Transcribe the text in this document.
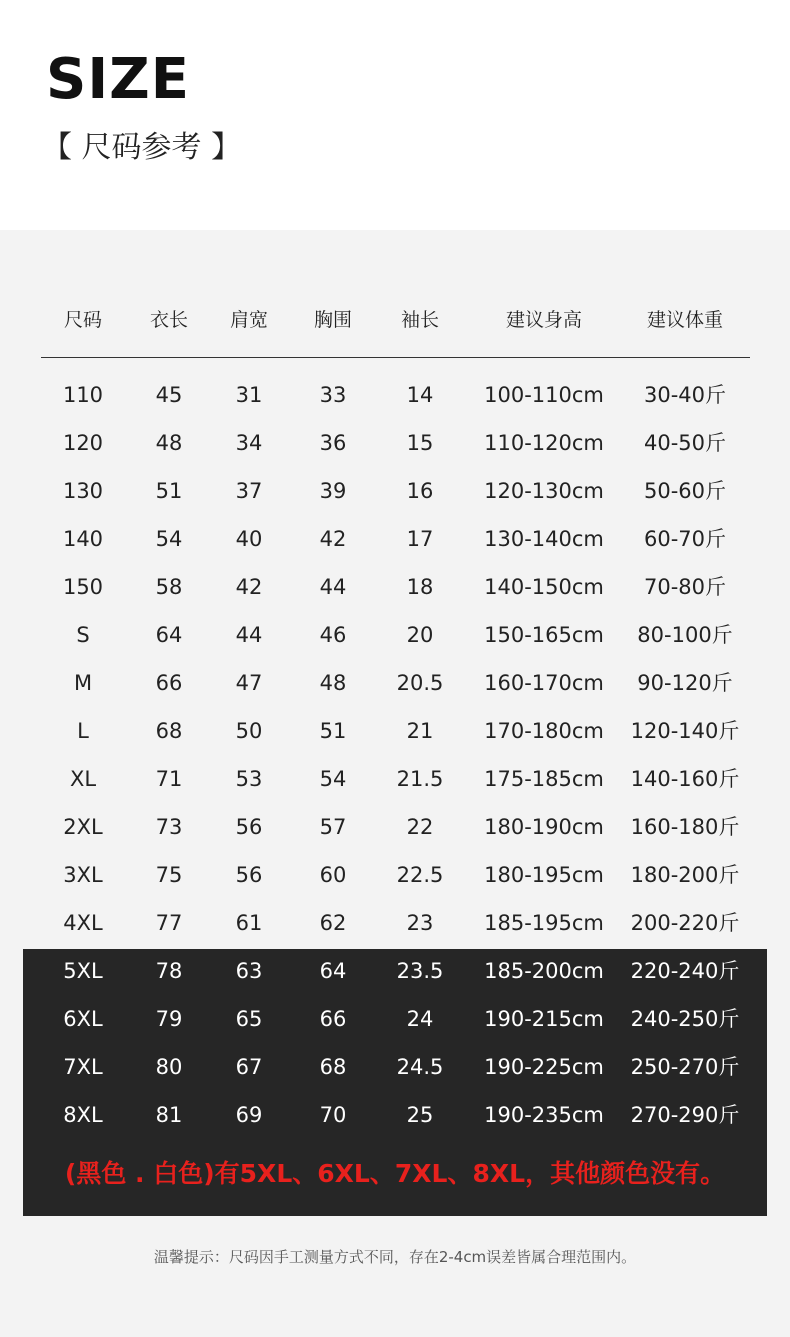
SIZE
【 尺码参考 】
尺码	衣长	肩宽	胸围	袖长	建议身高	建议体重
110	45	31	33	14	100-110cm	30-40斤
120	48	34	36	15	110-120cm	40-50斤
130	51	37	39	16	120-130cm	50-60斤
140	54	40	42	17	130-140cm	60-70斤
150	58	42	44	18	140-150cm	70-80斤
S	64	44	46	20	150-165cm	80-100斤
M	66	47	48	20.5	160-170cm	90-120斤
L	68	50	51	21	170-180cm	120-140斤
XL	71	53	54	21.5	175-185cm	140-160斤
2XL	73	56	57	22	180-190cm	160-180斤
3XL	75	56	60	22.5	180-195cm	180-200斤
4XL	77	61	62	23	185-195cm	200-220斤
5XL	78	63	64	23.5	185-200cm	220-240斤
6XL	79	65	66	24	190-215cm	240-250斤
7XL	80	67	68	24.5	190-225cm	250-270斤
8XL	81	69	70	25	190-235cm	270-290斤
(黑色 . 白色)有5XL、6XL、7XL、8XL，其他颜色没有。
温馨提示：尺码因手工测量方式不同，存在2-4cm误差皆属合理范围内。
